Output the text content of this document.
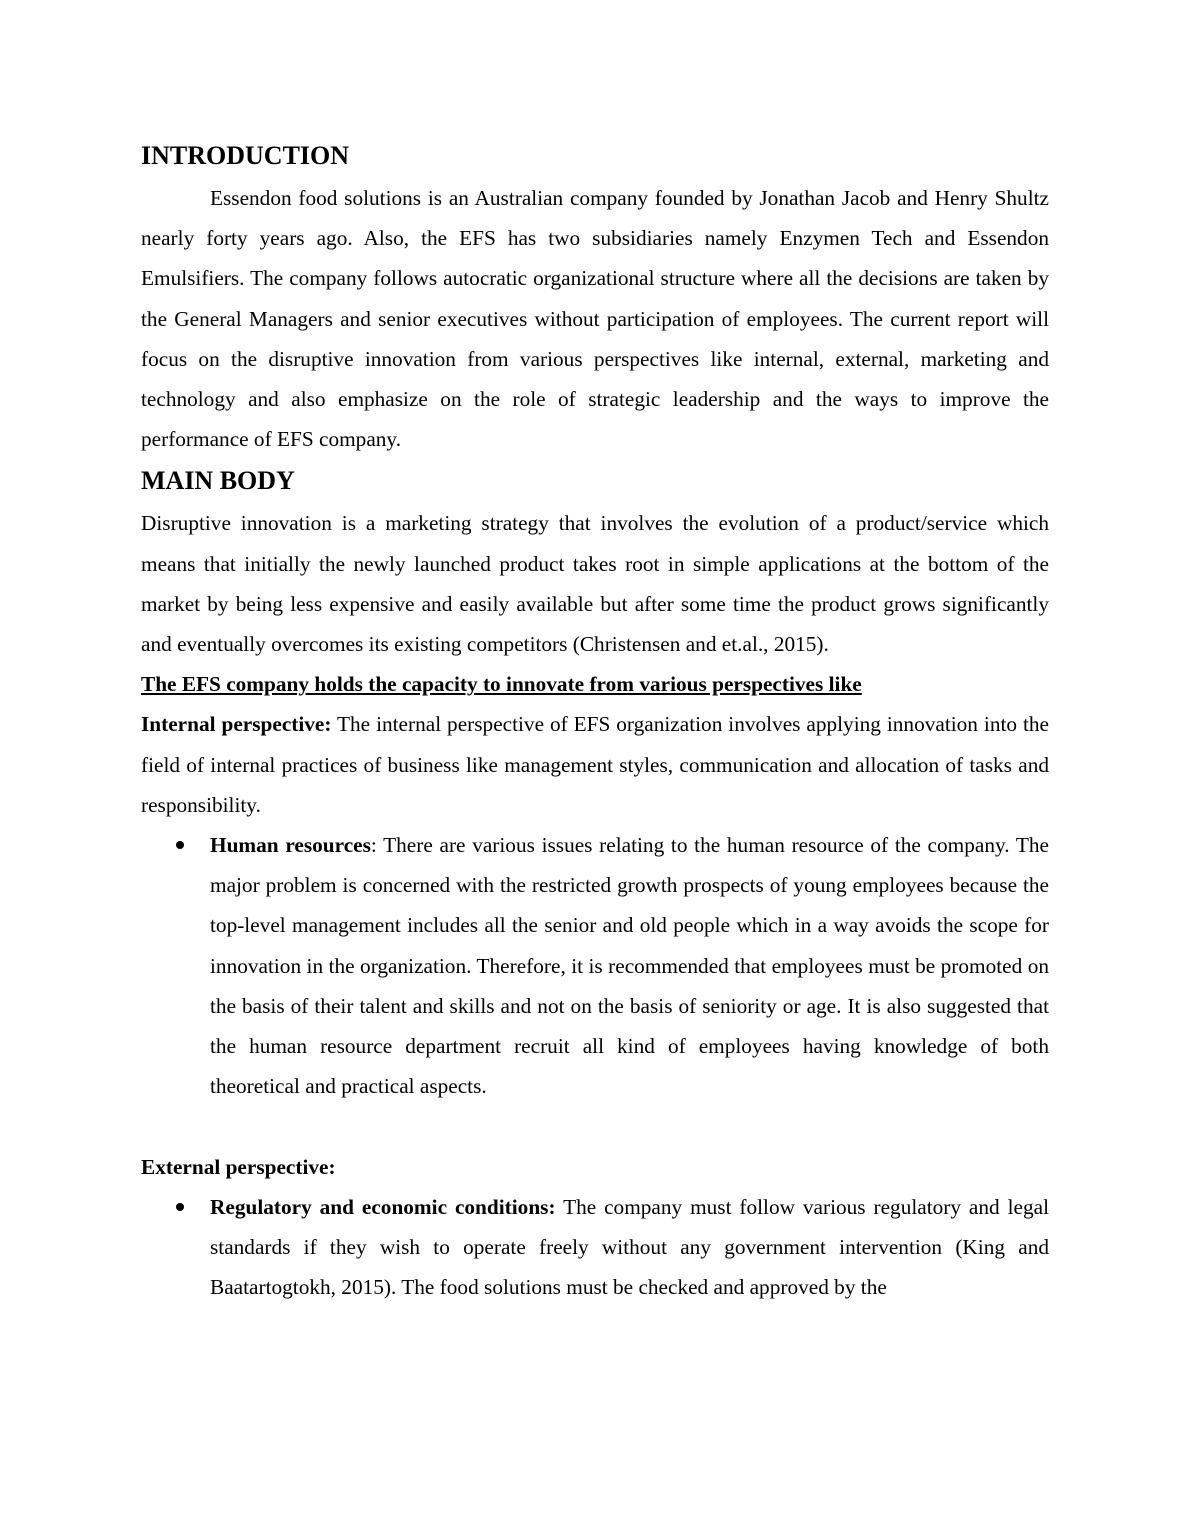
INTRODUCTION

Essendon food solutions is an Australian company founded by Jonathan Jacob and Henry Shultz nearly forty years ago. Also, the EFS has two subsidiaries namely Enzymen Tech and Essendon Emulsifiers. The company follows autocratic organizational structure where all the decisions are taken by the General Managers and senior executives without participation of employees. The current report will focus on the disruptive innovation from various perspectives like internal, external, marketing and technology and also emphasize on the role of strategic leadership and the ways to improve the performance of EFS company.

MAIN BODY

Disruptive innovation is a marketing strategy that involves the evolution of a product/service which means that initially the newly launched product takes root in simple applications at the bottom of the market by being less expensive and easily available but after some time the product grows significantly and eventually overcomes its existing competitors (Christensen and et.al., 2015).

The EFS company holds the capacity to innovate from various perspectives like

Internal perspective: The internal perspective of EFS organization involves applying innovation into the field of internal practices of business like management styles, communication and allocation of tasks and responsibility.

Human resources: There are various issues relating to the human resource of the company. The major problem is concerned with the restricted growth prospects of young employees because the top-level management includes all the senior and old people which in a way avoids the scope for innovation in the organization. Therefore, it is recommended that employees must be promoted on the basis of their talent and skills and not on the basis of seniority or age. It is also suggested that the human resource department recruit all kind of employees having knowledge of both theoretical and practical aspects.

External perspective:

Regulatory and economic conditions: The company must follow various regulatory and legal standards if they wish to operate freely without any government intervention (King and Baatartogtokh, 2015). The food solutions must be checked and approved by the
